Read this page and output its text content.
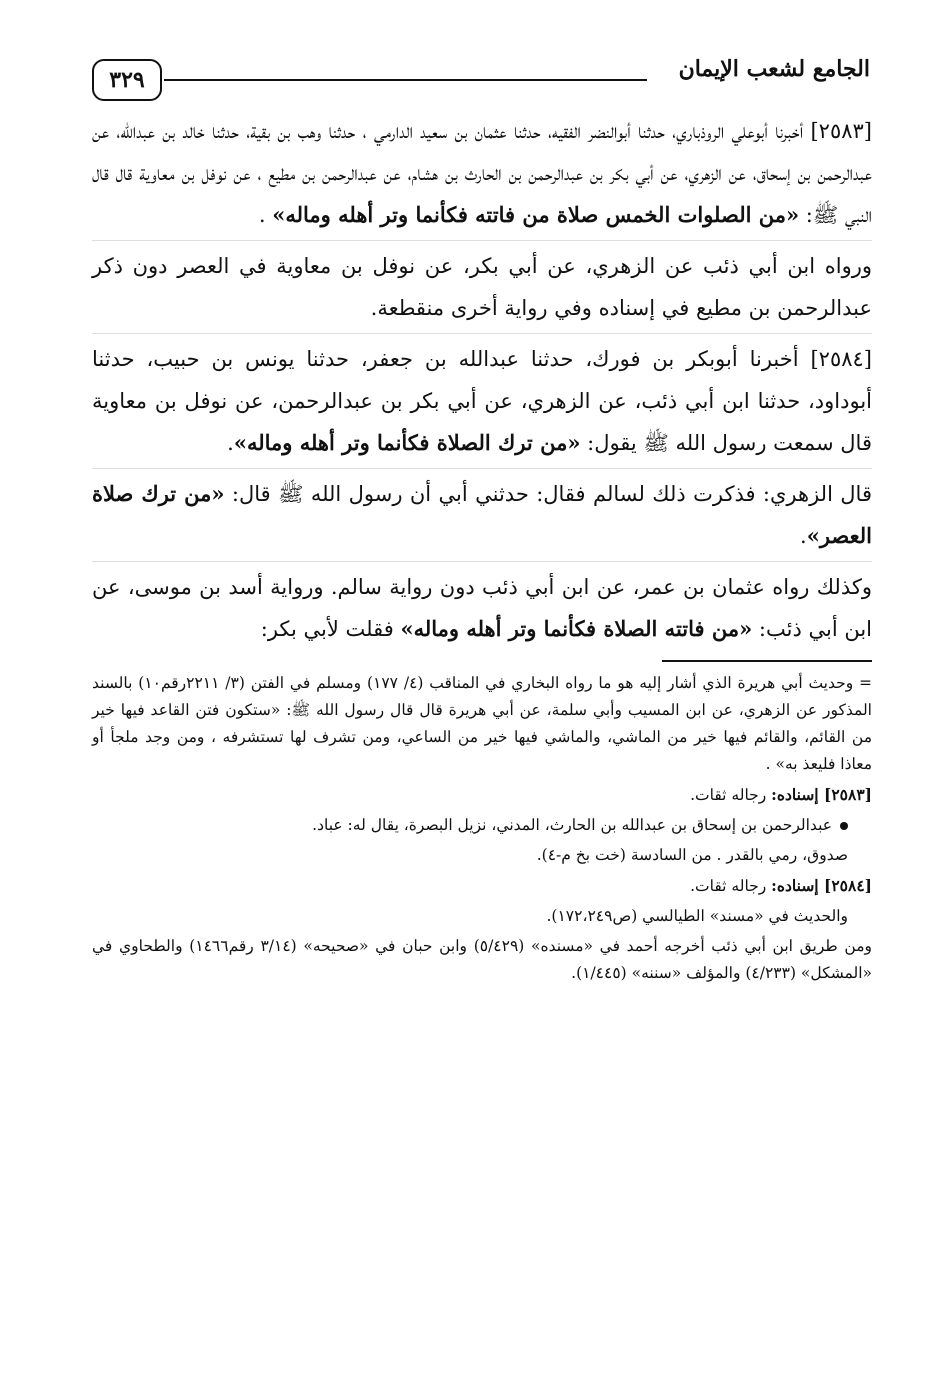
الجامع لشعب الإيمان
٣٢٩

[٢٥٨٣] أخبرنا أبوعلي الروذباري، حدثنا أبوالنضر الفقيه، حدثنا عثمان بن سعيد الدارمي ، حدثنا وهب بن بقية، حدثنا خالد بن عبدالله، عن عبدالرحمن بن إسحاق، عن الزهري، عن أبي بكر بن عبدالرحمن بن الحارث بن هشام، عن عبدالرحمن بن مطيع ، عن نوفل بن معاوية قال قال النبي ﷺ: «من الصلوات الخمس صلاة من فاتته فكأنما وتر أهله وماله» .

ورواه ابن أبي ذئب عن الزهري، عن أبي بكر، عن نوفل بن معاوية في العصر دون ذكر عبدالرحمن بن مطيع في إسناده وفي رواية أخرى منقطعة.

[٢٥٨٤] أخبرنا أبوبكر بن فورك، حدثنا عبدالله بن جعفر، حدثنا يونس بن حبيب، حدثنا أبوداود، حدثنا ابن أبي ذئب، عن الزهري، عن أبي بكر بن عبدالرحمن، عن نوفل بن معاوية قال سمعت رسول الله ﷺ يقول: «من ترك الصلاة فكأنما وتر أهله وماله».

قال الزهري: فذكرت ذلك لسالم فقال: حدثني أبي أن رسول الله ﷺ قال: «من ترك صلاة العصر».

وكذلك رواه عثمان بن عمر، عن ابن أبي ذئب دون رواية سالم. ورواية أسد بن موسى، عن ابن أبي ذئب: «من فاتته الصلاة فكأنما وتر أهله وماله» فقلت لأبي بكر:

= وحديث أبي هريرة الذي أشار إليه هو ما رواه البخاري في المناقب (٤/ ١٧٧) ومسلم في الفتن (٣/ ٢٢١١رقم١٠) بالسند المذكور عن الزهري، عن ابن المسيب وأبي سلمة، عن أبي هريرة قال قال رسول الله ﷺ: «ستكون فتن القاعد فيها خير من القائم، والقائم فيها خير من الماشي، والماشي فيها خير من الساعي، ومن تشرف لها تستشرفه ، ومن وجد ملجأ أو معاذا فليعذ به» .

[٢٥٨٣] إسناده: رجاله ثقات.

عبدالرحمن بن إسحاق بن عبدالله بن الحارث، المدني، نزيل البصرة، يقال له: عباد.

صدوق، رمي بالقدر . من السادسة (خت بخ م-٤).

[٢٥٨٤] إسناده: رجاله ثقات.

والحديث في «مسند» الطيالسي (ص١٧٢،٢٤٩).

ومن طريق ابن أبي ذئب أخرجه أحمد في «مسنده» (٥/٤٢٩) وابن حبان في «صحيحه» (٣/١٤ رقم١٤٦٦) والطحاوي في «المشكل» (٤/٢٣٣) والمؤلف «سننه» (١/٤٤٥).
